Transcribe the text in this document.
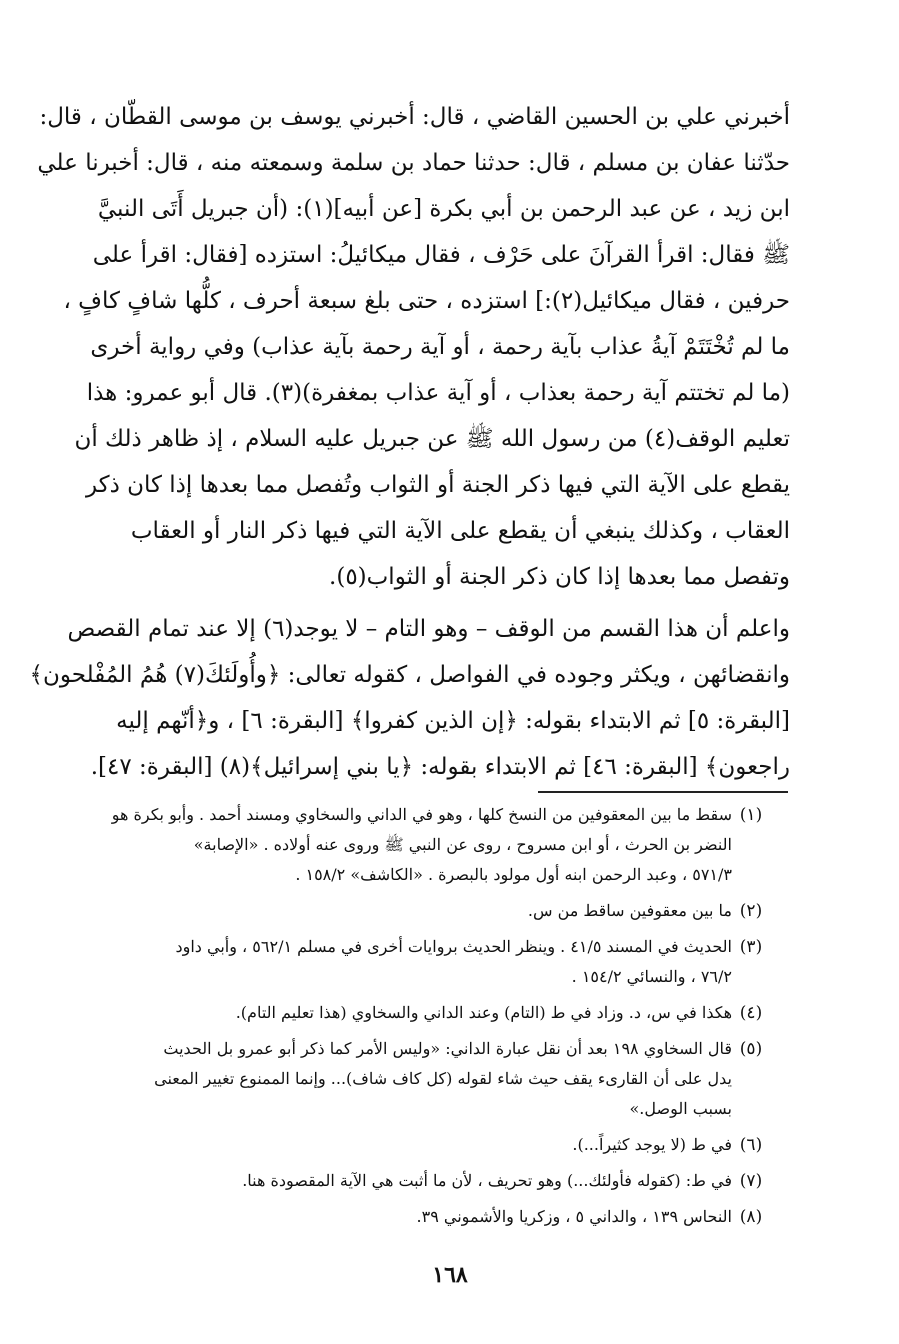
أخبرني علي بن الحسين القاضي ، قال: أخبرني يوسف بن موسى القطّان ، قال:
حدّثنا عفان بن مسلم ، قال: حدثنا حماد بن سلمة وسمعته منه ، قال: أخبرنا علي
ابن زيد ، عن عبد الرحمن بن أبي بكرة [عن أبيه](١): (أن جبريل أَتَى النبيَّ
ﷺ فقال: اقرأ القرآنَ على حَرْف ، فقال ميكائيلُ: استزده [فقال: اقرأ على
حرفين ، فقال ميكائيل(٢):] استزده ، حتى بلغ سبعة أحرف ، كلُّها شافٍ كافٍ ،
ما لم تُخْتَتَمْ آيةُ عذاب بآية رحمة ، أو آية رحمة بآية عذاب) وفي رواية أخرى
(ما لم تختتم آية رحمة بعذاب ، أو آية عذاب بمغفرة)(٣). قال أبو عمرو: هذا
تعليم الوقف(٤) من رسول الله ﷺ عن جبريل عليه السلام ، إذ ظاهر ذلك أن
يقطع على الآية التي فيها ذكر الجنة أو الثواب وتُفصل مما بعدها إذا كان ذكر
العقاب ، وكذلك ينبغي أن يقطع على الآية التي فيها ذكر النار أو العقاب
وتفصل مما بعدها إذا كان ذكر الجنة أو الثواب(٥).
واعلم أن هذا القسم من الوقف – وهو التام – لا يوجد(٦) إلا عند تمام القصص
وانقضائهن ، ويكثر وجوده في الفواصل ، كقوله تعالى: ﴿وأُولَئكَ(٧) هُمُ المُفْلحون﴾
[البقرة: ٥] ثم الابتداء بقوله: ﴿إن الذين كفروا﴾ [البقرة: ٦] ، و﴿أنّهم إليه
راجعون﴾ [البقرة: ٤٦] ثم الابتداء بقوله: ﴿يا بني إسرائيل﴾(٨) [البقرة: ٤٧].
(١)
سقط ما بين المعقوفين من النسخ كلها ، وهو في الداني والسخاوي ومسند أحمد . وأبو بكرة هو
النضر بن الحرث ، أو ابن مسروح ، روى عن النبي ﷺ وروى عنه أولاده . «الإصابة»
٥٧١/٣ ، وعبد الرحمن ابنه أول مولود بالبصرة . «الكاشف» ١٥٨/٢ .
(٢)
ما بين معقوفين ساقط من س.
(٣)
الحديث في المسند ٤١/٥ . وينظر الحديث بروايات أخرى في مسلم ٥٦٢/١ ، وأبي داود
٧٦/٢ ، والنسائي ١٥٤/٢ .
(٤)
هكذا في س، د. وزاد في ط (التام) وعند الداني والسخاوي (هذا تعليم التام).
(٥)
قال السخاوي ١٩٨ بعد أن نقل عبارة الداني: «وليس الأمر كما ذكر أبو عمرو بل الحديث
يدل على أن القارىء يقف حيث شاء لقوله (كل كاف شاف)... وإنما الممنوع تغيير المعنى
بسبب الوصل.»
(٦)
في ط (لا يوجد كثيراً...).
(٧)
في ط: (كقوله فأولئك...) وهو تحريف ، لأن ما أثبت هي الآية المقصودة هنا.
(٨)
النحاس ١٣٩ ، والداني ٥ ، وزكريا والأشموني ٣٩.
١٦٨
